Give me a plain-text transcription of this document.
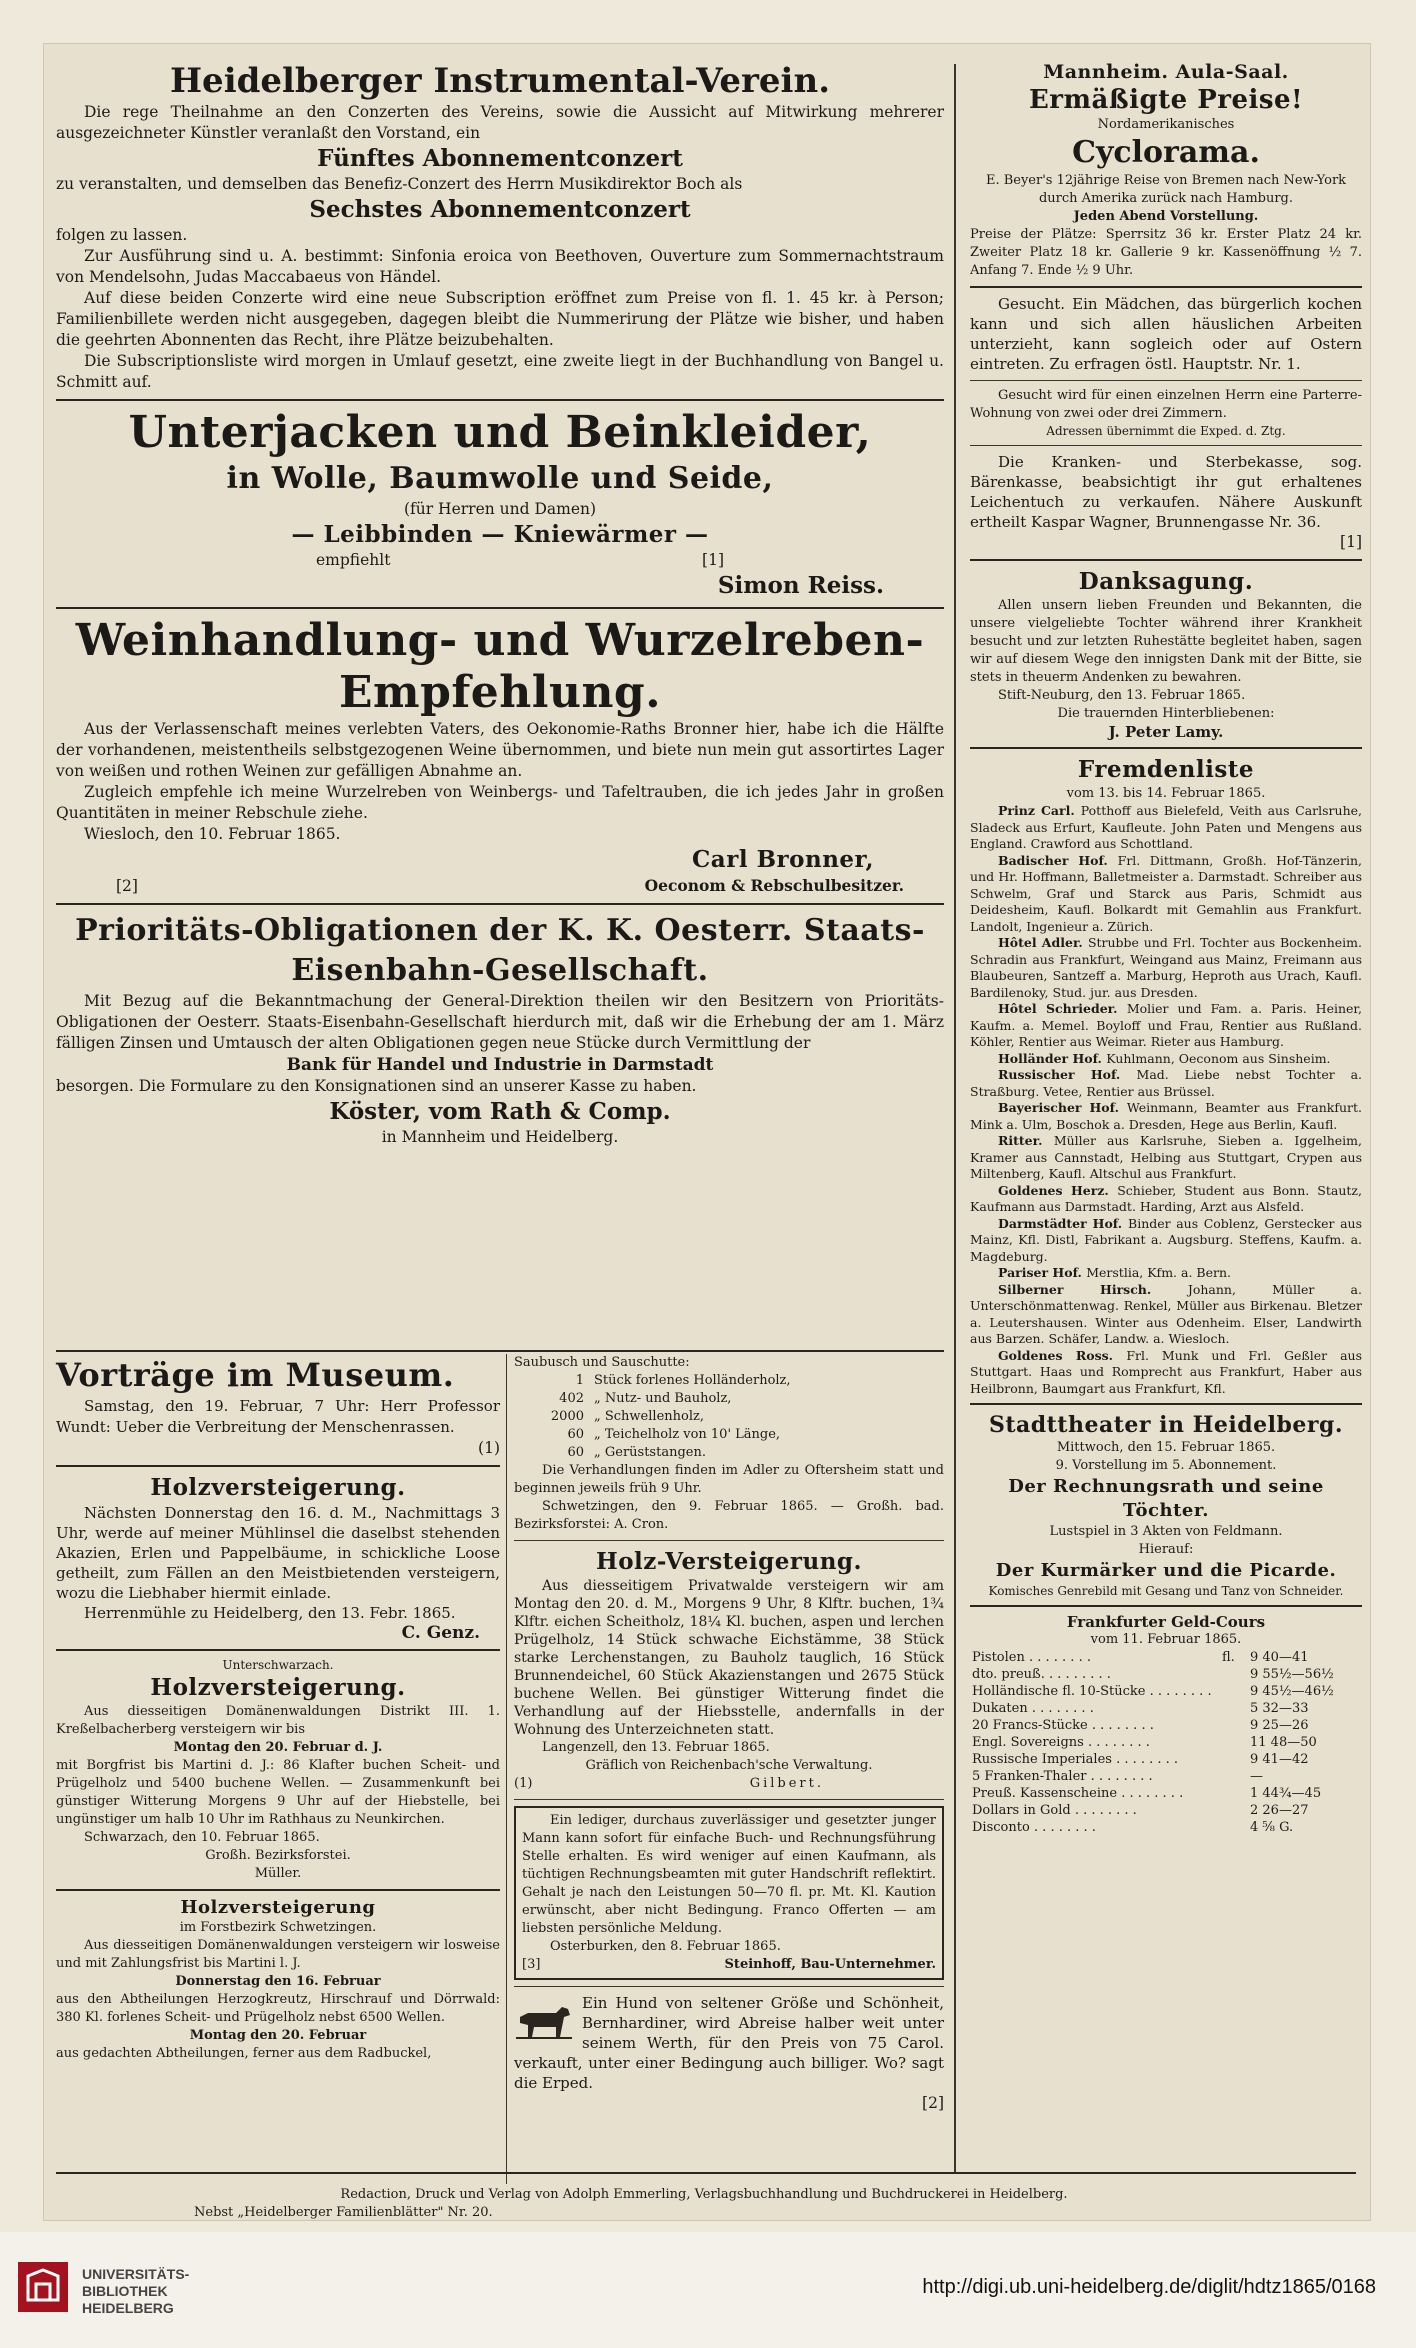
Heidelberger Instrumental-Verein.
Die rege Theilnahme an den Conzerten des Vereins, sowie die Aussicht auf Mitwirkung mehrerer ausgezeichneter Künstler veranlaßt den Vorstand, ein
Fünftes Abonnementconzert
zu veranstalten, und demselben das Benefiz-Conzert des Herrn Musikdirektor Boch als
Sechstes Abonnementconzert
folgen zu lassen.
Zur Ausführung sind u. A. bestimmt: Sinfonia eroica von Beethoven, Ouverture zum Sommernachtstraum von Mendelsohn, Judas Maccabaeus von Händel.
Auf diese beiden Conzerte wird eine neue Subscription eröffnet zum Preise von fl. 1. 45 kr. à Person; Familienbillete werden nicht ausgegeben, dagegen bleibt die Nummerirung der Plätze wie bisher, und haben die geehrten Abonnenten das Recht, ihre Plätze beizubehalten.
Die Subscriptionsliste wird morgen in Umlauf gesetzt, eine zweite liegt in der Buchhandlung von Bangel u. Schmitt auf.
Unterjacken und Beinkleider,
in Wolle, Baumwolle und Seide,
(für Herren und Damen)
— Leibbinden — Kniewärmer —
empfiehlt	[1]
Simon Reiss.
Weinhandlung- und Wurzelreben-
Empfehlung.
Aus der Verlassenschaft meines verlebten Vaters, des Oekonomie-Raths Bronner hier, habe ich die Hälfte der vorhandenen, meistentheils selbstgezogenen Weine übernommen, und biete nun mein gut assortirtes Lager von weißen und rothen Weinen zur gefälligen Abnahme an.
Zugleich empfehle ich meine Wurzelreben von Weinbergs- und Tafeltrauben, die ich jedes Jahr in großen Quantitäten in meiner Rebschule ziehe.
Wiesloch, den 10. Februar 1865.
Carl Bronner,
[2]	Oeconom & Rebschulbesitzer.
Prioritäts-Obligationen der K. K. Oesterr. Staats-
Eisenbahn-Gesellschaft.
Mit Bezug auf die Bekanntmachung der General-Direktion theilen wir den Besitzern von Prioritäts-Obligationen der Oesterr. Staats-Eisenbahn-Gesellschaft hierdurch mit, daß wir die Erhebung der am 1. März fälligen Zinsen und Umtausch der alten Obligationen gegen neue Stücke durch Vermittlung der
Bank für Handel und Industrie in Darmstadt
besorgen. Die Formulare zu den Konsignationen sind an unserer Kasse zu haben.
Köster, vom Rath & Comp.
in Mannheim und Heidelberg.
Vorträge im Museum.
Samstag, den 19. Februar, 7 Uhr: Herr Professor Wundt: Ueber die Verbreitung der Menschenrassen.
(1)
Holzversteigerung.
Nächsten Donnerstag den 16. d. M., Nachmittags 3 Uhr, werde auf meiner Mühlinsel die daselbst stehenden Akazien, Erlen und Pappelbäume, in schickliche Loose getheilt, zum Fällen an den Meistbietenden versteigern, wozu die Liebhaber hiermit einlade.
Herrenmühle zu Heidelberg, den 13. Febr. 1865.
C. Genz.
Unterschwarzach.
Holzversteigerung.
Aus diesseitigen Domänenwaldungen Distrikt III. 1. Kreßelbacherberg versteigern wir bis
Montag den 20. Februar d. J.
mit Borgfrist bis Martini d. J.: 86 Klafter buchen Scheit- und Prügelholz und 5400 buchene Wellen. — Zusammenkunft bei günstiger Witterung Morgens 9 Uhr auf der Hiebstelle, bei ungünstiger um halb 10 Uhr im Rathhaus zu Neunkirchen.
Schwarzach, den 10. Februar 1865.
Großh. Bezirksforstei.
Müller.
Holzversteigerung
im Forstbezirk Schwetzingen.
Aus diesseitigen Domänenwaldungen versteigern wir losweise und mit Zahlungsfrist bis Martini l. J.
Donnerstag den 16. Februar
aus den Abtheilungen Herzogkreutz, Hirschrauf und Dörrwald: 380 Kl. forlenes Scheit- und Prügelholz nebst 6500 Wellen.
Montag den 20. Februar
aus gedachten Abtheilungen, ferner aus dem Radbuckel,
Saubusch und Sauschutte:
1 Stück forlenes Holländerholz,
402 „ Nutz- und Bauholz,
2000 „ Schwellenholz,
60 „ Teichelholz von 10' Länge,
60 „ Gerüststangen.
Die Verhandlungen finden im Adler zu Oftersheim statt und beginnen jeweils früh 9 Uhr.
Schwetzingen, den 9. Februar 1865. — Großh. bad. Bezirksforstei: A. Cron.
Holz-Versteigerung.
Aus diesseitigem Privatwalde versteigern wir am Montag den 20. d. M., Morgens 9 Uhr, 8 Klftr. buchen, 1¾ Klftr. eichen Scheitholz, 18¼ Kl. buchen, aspen und lerchen Prügelholz, 14 Stück schwache Eichstämme, 38 Stück starke Lerchenstangen, zu Bauholz tauglich, 16 Stück Brunnendeichel, 60 Stück Akazienstangen und 2675 Stück buchene Wellen. Bei günstiger Witterung findet die Verhandlung auf der Hiebsstelle, andernfalls in der Wohnung des Unterzeichneten statt.
Langenzell, den 13. Februar 1865.
Gräflich von Reichenbach'sche Verwaltung.
(1)	Gilbert.
Ein lediger, durchaus zuverlässiger und gesetzter junger Mann kann sofort für einfache Buch- und Rechnungsführung Stelle erhalten. Es wird weniger auf einen Kaufmann, als tüchtigen Rechnungsbeamten mit guter Handschrift reflektirt. Gehalt je nach den Leistungen 50—70 fl. pr. Mt. Kl. Kaution erwünscht, aber nicht Bedingung. Franco Offerten — am liebsten persönliche Meldung.
Osterburken, den 8. Februar 1865.
[3]	Steinhoff, Bau-Unternehmer.
Ein Hund von seltener Größe und Schönheit, Bernhardiner, wird Abreise halber weit unter seinem Werth, für den Preis von 75 Carol. verkauft, unter einer Bedingung auch billiger. Wo? sagt die Erped.
[2]
Mannheim. Aula-Saal.
Ermäßigte Preise!
Nordamerikanisches
Cyclorama.
E. Beyer's 12jährige Reise von Bremen nach New-York durch Amerika zurück nach Hamburg.
Jeden Abend Vorstellung.
Preise der Plätze: Sperrsitz 36 kr. Erster Platz 24 kr. Zweiter Platz 18 kr. Gallerie 9 kr. Kassenöffnung ½ 7. Anfang 7. Ende ½ 9 Uhr.
Gesucht. Ein Mädchen, das bürgerlich kochen kann und sich allen häuslichen Arbeiten unterzieht, kann sogleich oder auf Ostern eintreten. Zu erfragen östl. Hauptstr. Nr. 1.
Gesucht wird für einen einzelnen Herrn eine Parterre-Wohnung von zwei oder drei Zimmern.
Adressen übernimmt die Exped. d. Ztg.
Die Kranken- und Sterbekasse, sog. Bärenkasse, beabsichtigt ihr gut erhaltenes Leichentuch zu verkaufen. Nähere Auskunft ertheilt Kaspar Wagner, Brunnengasse Nr. 36.
[1]
Danksagung.
Allen unsern lieben Freunden und Bekannten, die unsere vielgeliebte Tochter während ihrer Krankheit besucht und zur letzten Ruhestätte begleitet haben, sagen wir auf diesem Wege den innigsten Dank mit der Bitte, sie stets in theuerm Andenken zu bewahren.
Stift-Neuburg, den 13. Februar 1865.
Die trauernden Hinterbliebenen:
J. Peter Lamy.
Fremdenliste
vom 13. bis 14. Februar 1865.
Prinz Carl. Potthoff aus Bielefeld, Veith aus Carlsruhe, Sladeck aus Erfurt, Kaufleute. John Paten und Mengens aus England. Crawford aus Schottland.
Badischer Hof. Frl. Dittmann, Großh. Hof-Tänzerin, und Hr. Hoffmann, Balletmeister a. Darmstadt. Schreiber aus Schwelm, Graf und Starck aus Paris, Schmidt aus Deidesheim, Kaufl. Bolkardt mit Gemahlin aus Frankfurt. Landolt, Ingenieur a. Zürich.
Hôtel Adler. Strubbe und Frl. Tochter aus Bockenheim. Schradin aus Frankfurt, Weingand aus Mainz, Freimann aus Blaubeuren, Santzeff a. Marburg, Heproth aus Urach, Kaufl. Bardilenoky, Stud. jur. aus Dresden.
Hôtel Schrieder. Molier und Fam. a. Paris. Heiner, Kaufm. a. Memel. Boyloff und Frau, Rentier aus Rußland. Köhler, Rentier aus Weimar. Rieter aus Hamburg.
Holländer Hof. Kuhlmann, Oeconom aus Sinsheim.
Russischer Hof. Mad. Liebe nebst Tochter a. Straßburg. Vetee, Rentier aus Brüssel.
Bayerischer Hof. Weinmann, Beamter aus Frankfurt. Mink a. Ulm, Boschok a. Dresden, Hege aus Berlin, Kaufl.
Ritter. Müller aus Karlsruhe, Sieben a. Iggelheim, Kramer aus Cannstadt, Helbing aus Stuttgart, Crypen aus Miltenberg, Kaufl. Altschul aus Frankfurt.
Goldenes Herz. Schieber, Student aus Bonn. Stautz, Kaufmann aus Darmstadt. Harding, Arzt aus Alsfeld.
Darmstädter Hof. Binder aus Coblenz, Gerstecker aus Mainz, Kfl. Distl, Fabrikant a. Augsburg. Steffens, Kaufm. a. Magdeburg.
Pariser Hof. Merstlia, Kfm. a. Bern.
Silberner Hirsch. Johann, Müller a. Unterschönmattenwag. Renkel, Müller aus Birkenau. Bletzer a. Leutershausen. Winter aus Odenheim. Elser, Landwirth aus Barzen. Schäfer, Landw. a. Wiesloch.
Goldenes Ross. Frl. Munk und Frl. Geßler aus Stuttgart. Haas und Romprecht aus Frankfurt, Haber aus Heilbronn, Baumgart aus Frankfurt, Kfl.
Stadttheater in Heidelberg.
Mittwoch, den 15. Februar 1865.
9. Vorstellung im 5. Abonnement.
Der Rechnungsrath und seine Töchter.
Lustspiel in 3 Akten von Feldmann.
Hierauf:
Der Kurmärker und die Picarde.
Komisches Genrebild mit Gesang und Tanz von Schneider.
Frankfurter Geld-Cours
vom 11. Februar 1865.
Pistolen . . . . . . . .	fl.	9 40—41
dto. preuß. . . . . . . . .		9 55½—56½
Holländische fl. 10-Stücke . . . . . . . .		9 45½—46½
Dukaten . . . . . . . .		5 32—33
20 Francs-Stücke . . . . . . . .		9 25—26
Engl. Sovereigns . . . . . . . .		11 48—50
Russische Imperiales . . . . . . . .		9 41—42
5 Franken-Thaler . . . . . . . .		—
Preuß. Kassenscheine . . . . . . . .		1 44¾—45
Dollars in Gold . . . . . . . .		2 26—27
Disconto . . . . . . . .		4 ⅝ G.
Redaction, Druck und Verlag von Adolph Emmerling, Verlagsbuchhandlung und Buchdruckerei in Heidelberg.
Nebst „Heidelberger Familienblätter" Nr. 20.
UNIVERSITÄTS-
BIBLIOTHEK
HEIDELBERG
http://digi.ub.uni-heidelberg.de/diglit/hdtz1865/0168
